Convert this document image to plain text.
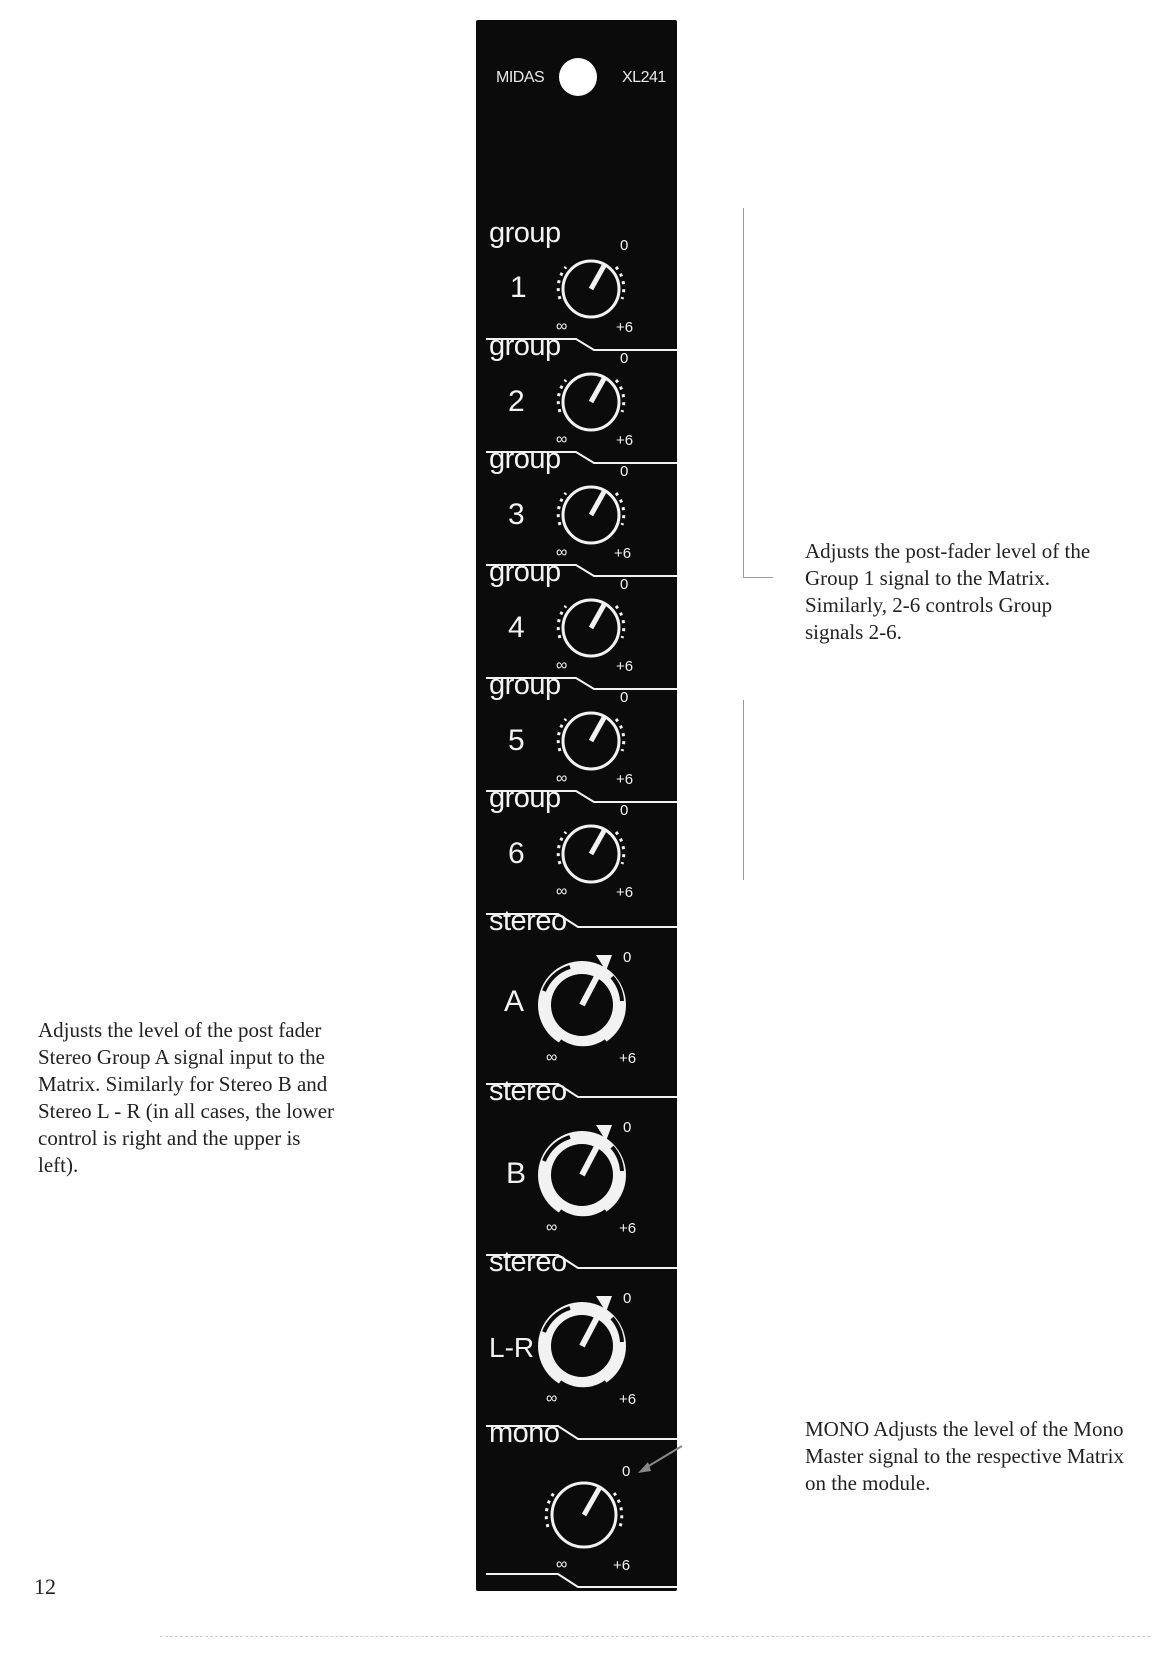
MIDAS	XL241
group
1
0
∞	+6
group
2
0
∞	+6
group
3
0
∞	+6
group
4
0
∞	+6
group
5
0
∞	+6
group
6
0
∞	+6
stereo
A
0
∞	+6
stereo
B
0
∞	+6
stereo
L-R
0
∞	+6
mono
0
∞	+6

Adjusts the post-fader level of the Group 1 signal to the Matrix. Similarly, 2-6 controls Group signals 2-6.

Adjusts the level of the post fader Stereo Group A signal input to the Matrix. Similarly for Stereo B and Stereo L - R (in all cases, the lower control is right and the upper is left).

MONO Adjusts the level of the Mono Master signal to the respective Matrix on the module.

12
